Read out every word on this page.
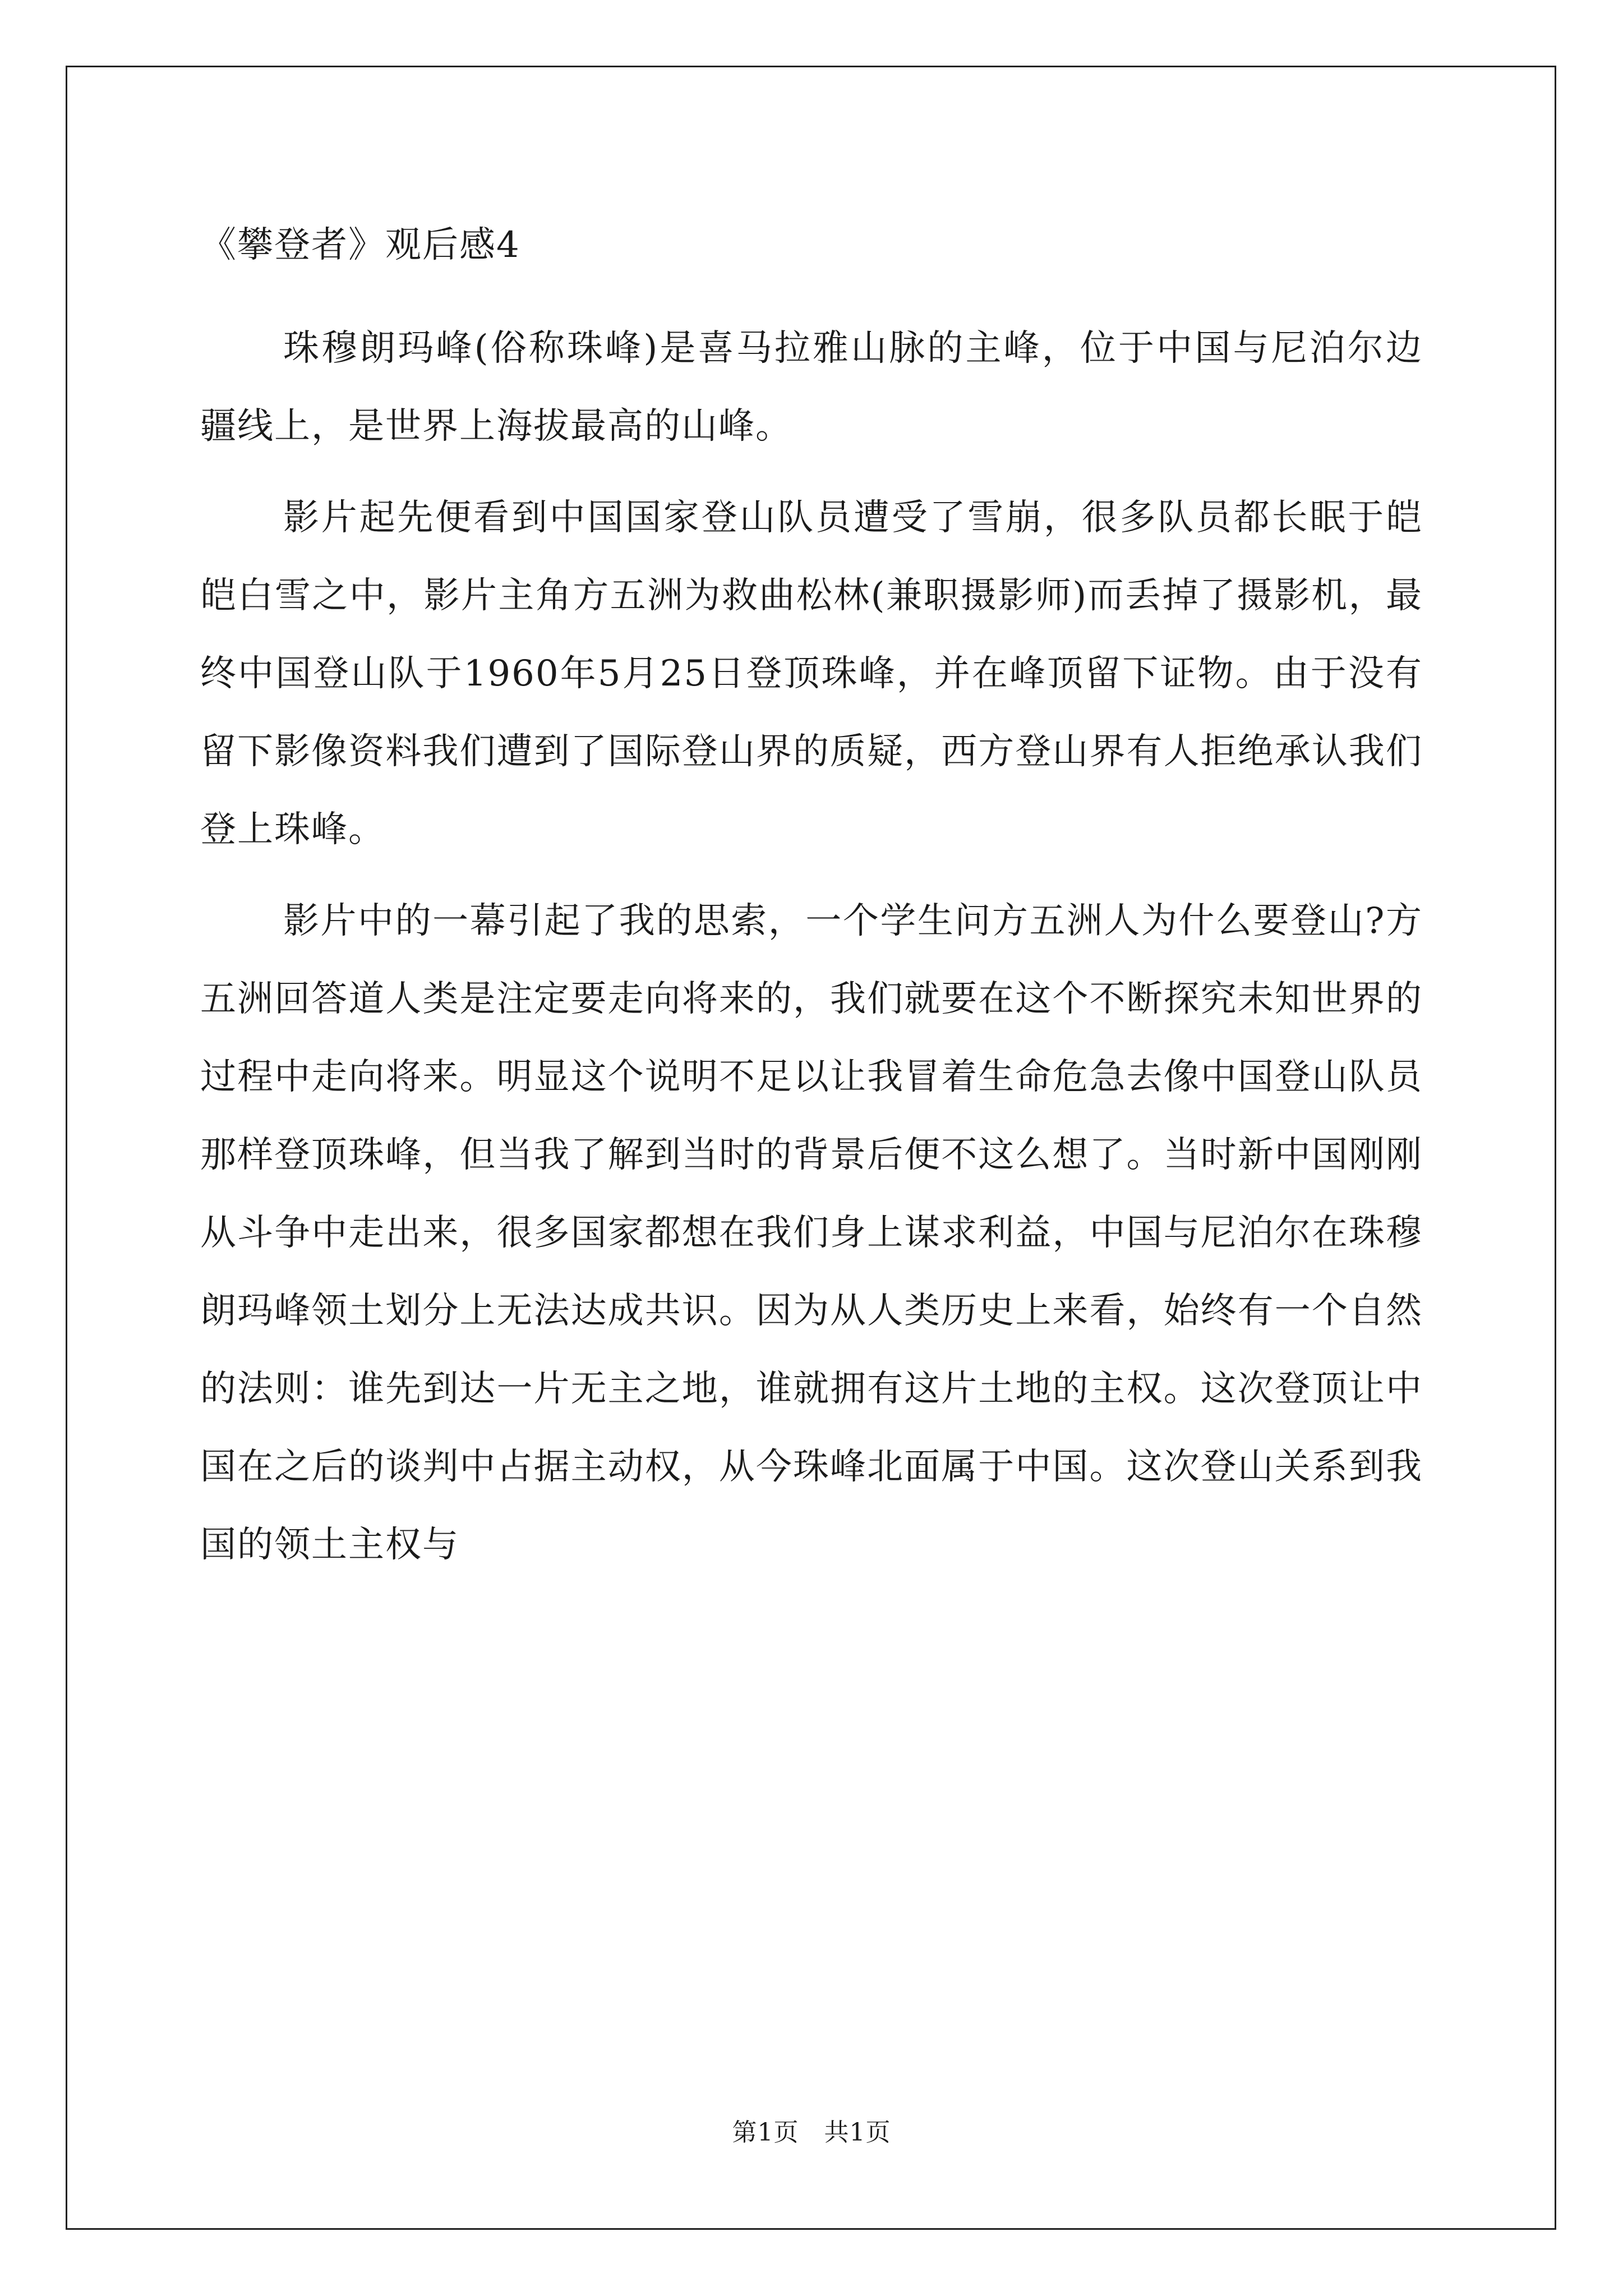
《攀登者》观后感4

珠穆朗玛峰(俗称珠峰)是喜马拉雅山脉的主峰，位于中国与尼泊尔边疆线上，是世界上海拔最高的山峰。

影片起先便看到中国国家登山队员遭受了雪崩，很多队员都长眠于皑皑白雪之中，影片主角方五洲为救曲松林(兼职摄影师)而丢掉了摄影机，最终中国登山队于1960年5月25日登顶珠峰，并在峰顶留下证物。由于没有留下影像资料我们遭到了国际登山界的质疑，西方登山界有人拒绝承认我们登上珠峰。

影片中的一幕引起了我的思索，一个学生问方五洲人为什么要登山?方五洲回答道人类是注定要走向将来的，我们就要在这个不断探究未知世界的过程中走向将来。明显这个说明不足以让我冒着生命危急去像中国登山队员那样登顶珠峰，但当我了解到当时的背景后便不这么想了。当时新中国刚刚从斗争中走出来，很多国家都想在我们身上谋求利益，中国与尼泊尔在珠穆朗玛峰领土划分上无法达成共识。因为从人类历史上来看，始终有一个自然的法则：谁先到达一片无主之地，谁就拥有这片土地的主权。这次登顶让中国在之后的谈判中占据主动权，从今珠峰北面属于中国。这次登山关系到我国的领土主权与

第1页　共1页
